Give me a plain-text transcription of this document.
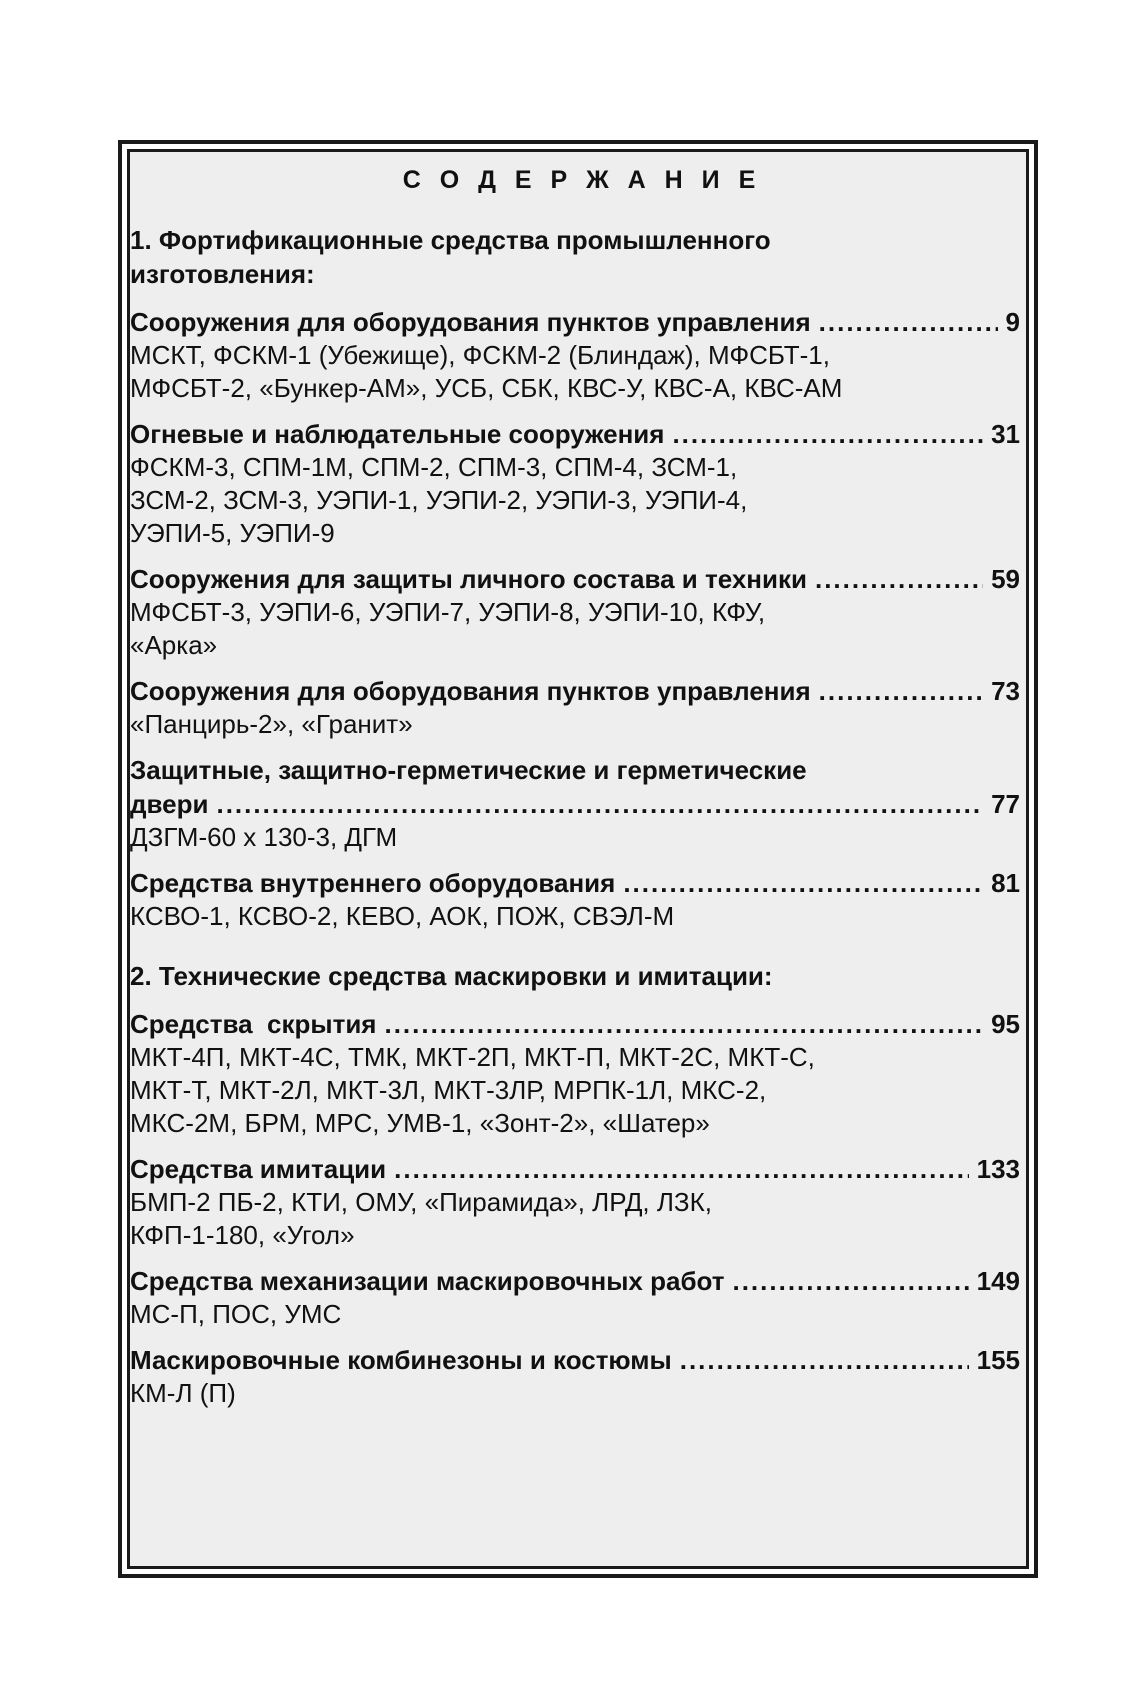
С О Д Е Р Ж А Н И Е
1. Фортификационные средства промышленного
изготовления:
Сооружения для оборудования пунктов управления .....	9
МСКТ, ФСКМ-1 (Убежище), ФСКМ-2 (Блиндаж), МФСБТ-1,
МФСБТ-2, «Бункер-АМ», УСБ, СБК, КВС-У, КВС-А, КВС-АМ
Огневые и наблюдательные сооружения .....	31
ФСКМ-3, СПМ-1М, СПМ-2, СПМ-3, СПМ-4, ЗСМ-1,
ЗСМ-2, ЗСМ-3, УЭПИ-1, УЭПИ-2, УЭПИ-3, УЭПИ-4,
УЭПИ-5, УЭПИ-9
Сооружения для защиты личного состава и техники .....	59
МФСБТ-3, УЭПИ-6, УЭПИ-7, УЭПИ-8, УЭПИ-10, КФУ,
«Арка»
Сооружения для оборудования пунктов управления .....	73
«Панцирь-2», «Гранит»
Защитные, защитно-герметические и герметические
двери .....	77
ДЗГМ-60 х 130-3, ДГМ
Средства внутреннего оборудования .....	81
КСВО-1, КСВО-2, КЕВО, АОК, ПОЖ, СВЭЛ-М
2. Технические средства маскировки и имитации:
Средства  скрытия .....	95
МКТ-4П, МКТ-4С, ТМК, МКТ-2П, МКТ-П, МКТ-2С, МКТ-С,
МКТ-Т, МКТ-2Л, МКТ-3Л, МКТ-3ЛР, МРПК-1Л, МКС-2,
МКС-2М, БРМ, МРС, УМВ-1, «Зонт-2», «Шатер»
Средства имитации .....	133
БМП-2 ПБ-2, КТИ, ОМУ, «Пирамида», ЛРД, ЛЗК,
КФП-1-180, «Угол»
Средства механизации маскировочных работ .....	149
МС-П, ПОС, УМС
Маскировочные комбинезоны и костюмы .....	155
КМ-Л (П)
